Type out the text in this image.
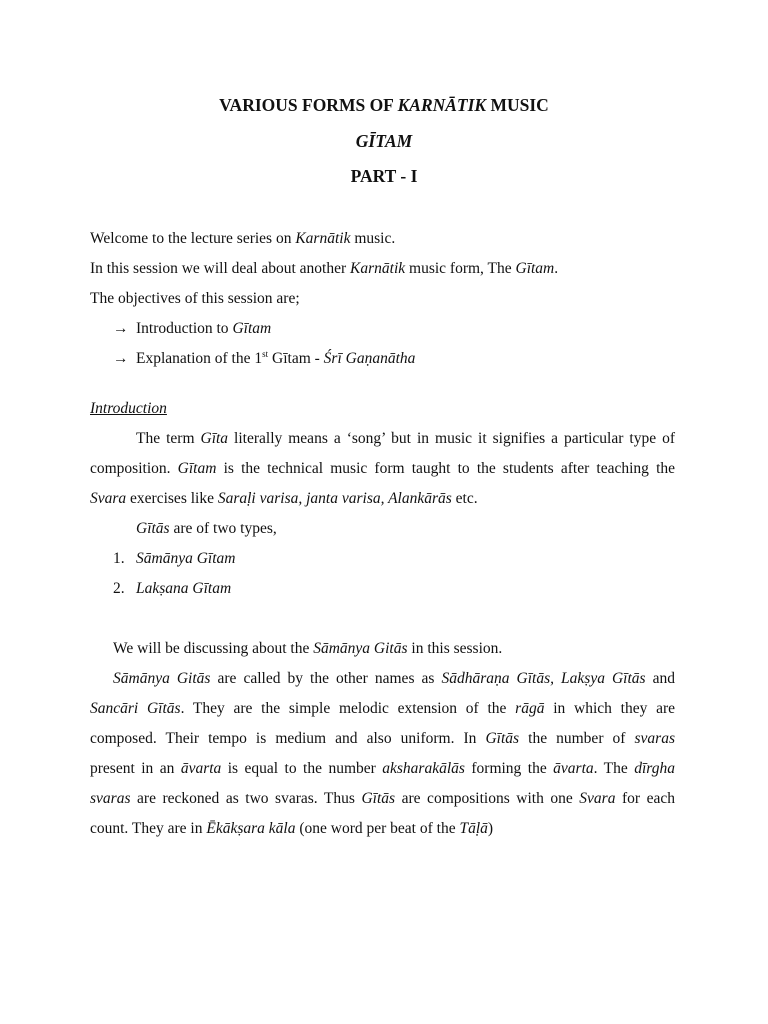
VARIOUS FORMS OF KARNĀTIK MUSIC

GĪTAM

PART - I

Welcome to the lecture series on Karnātik music.

In this session we will deal about another Karnātik music form, The Gītam.

The objectives of this session are;

→ Introduction to Gītam

→ Explanation of the 1st Gītam - Śrī Gaṇanātha

Introduction

The term Gīta literally means a ‘song’ but in music it signifies a particular type of

composition. Gītam is the technical music form taught to the students after teaching the

Svara exercises like Saraḷi varisa, janta varisa, Alankārās etc.

Gītās are of two types,

1. Sāmānya Gītam

2. Lakṣana Gītam

We will be discussing about the Sāmānya Gitās in this session.

Sāmānya Gitās are called by the other names as Sādhāraṇa Gītās, Lakṣya Gītās and

Sancāri Gītās. They are the simple melodic extension of the rāgā in which they are

composed. Their tempo is medium and also uniform. In Gītās the number of svaras

present in an āvarta is equal to the number aksharakālās forming the āvarta. The dīrgha

svaras are reckoned as two svaras. Thus Gītās are compositions with one Svara for each

count. They are in Ēkākṣara kāla (one word per beat of the Tāḷā)
